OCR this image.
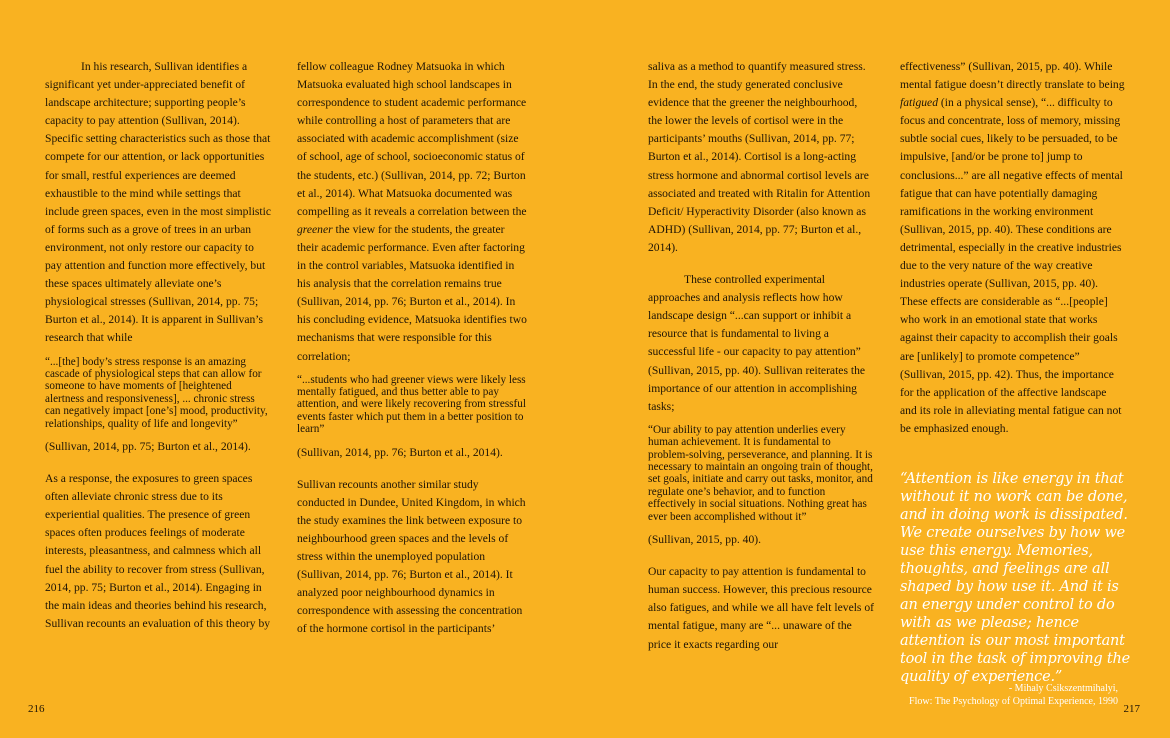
In his research, Sullivan identifies a significant yet under-appreciated benefit of landscape architecture; supporting people’s capacity to pay attention (Sullivan, 2014). Specific setting characteristics such as those that compete for our attention, or lack opportunities for small, restful experiences are deemed exhaustible to the mind while settings that include green spaces, even in the most simplistic of forms such as a grove of trees in an urban environment, not only restore our capacity to pay attention and function more effectively, but these spaces ultimately alleviate one’s physiological stresses (Sullivan, 2014, pp. 75; Burton et al., 2014). It is apparent in Sullivan’s research that while

“...[the] body’s stress response is an amazing cascade of physiological steps that can allow for someone to have moments of [heightened alertness and responsiveness], ... chronic stress can negatively impact [one’s] mood, productivity, relationships, quality of life and longevity”

(Sullivan, 2014, pp. 75; Burton et al., 2014).

As a response, the exposures to green spaces often alleviate chronic stress due to its experiential qualities. The presence of green spaces often produces feelings of moderate interests, pleasantness, and calmness which all fuel the ability to recover from stress (Sullivan, 2014, pp. 75; Burton et al., 2014). Engaging in the main ideas and theories behind his research, Sullivan recounts an evaluation of this theory by

fellow colleague Rodney Matsuoka in which Matsuoka evaluated high school landscapes in correspondence to student academic performance while controlling a host of parameters that are associated with academic accomplishment (size of school, age of school, socioeconomic status of the students, etc.) (Sullivan, 2014, pp. 72; Burton et al., 2014). What Matsuoka documented was compelling as it reveals a correlation between the greener the view for the students, the greater their academic performance. Even after factoring in the control variables, Matsuoka identified in his analysis that the correlation remains true (Sullivan, 2014, pp. 76; Burton et al., 2014). In his concluding evidence, Matsuoka identifies two mechanisms that were responsible for this correlation;

“...students who had greener views were likely less mentally fatigued, and thus better able to pay attention, and were likely recovering from stressful events faster which put them in a better position to learn”

(Sullivan, 2014, pp. 76; Burton et al., 2014).

Sullivan recounts another similar study conducted in Dundee, United Kingdom, in which the study examines the link between exposure to neighbourhood green spaces and the levels of stress within the unemployed population (Sullivan, 2014, pp. 76; Burton et al., 2014). It analyzed poor neighbourhood dynamics in correspondence with assessing the concentration of the hormone cortisol in the participants’

saliva as a method to quantify measured stress. In the end, the study generated conclusive evidence that the greener the neighbourhood, the lower the levels of cortisol were in the participants’ mouths (Sullivan, 2014, pp. 77; Burton et al., 2014). Cortisol is a long-acting stress hormone and abnormal cortisol levels are associated and treated with Ritalin for Attention Deficit/ Hyperactivity Disorder (also known as ADHD) (Sullivan, 2014, pp. 77; Burton et al., 2014).

These controlled experimental approaches and analysis reflects how how landscape design “...can support or inhibit a resource that is fundamental to living a successful life - our capacity to pay attention” (Sullivan, 2015, pp. 40). Sullivan reiterates the importance of our attention in accomplishing tasks;

“Our ability to pay attention underlies every human achievement. It is fundamental to problem-solving, perseverance, and planning. It is necessary to maintain an ongoing train of thought, set goals, initiate and carry out tasks, monitor, and regulate one’s behavior, and to function effectively in social situations. Nothing great has ever been accomplished without it”

(Sullivan, 2015, pp. 40).

Our capacity to pay attention is fundamental to human success. However, this precious resource also fatigues, and while we all have felt levels of mental fatigue, many are “... unaware of the price it exacts regarding our

effectiveness” (Sullivan, 2015, pp. 40). While mental fatigue doesn’t directly translate to being fatigued (in a physical sense), “... difficulty to focus and concentrate, loss of memory, missing subtle social cues, likely to be persuaded, to be impulsive, [and/or be prone to] jump to conclusions...” are all negative effects of mental fatigue that can have potentially damaging ramifications in the working environment (Sullivan, 2015, pp. 40). These conditions are detrimental, especially in the creative industries due to the very nature of the way creative industries operate (Sullivan, 2015, pp. 40). These effects are considerable as “...[people] who work in an emotional state that works against their capacity to accomplish their goals are [unlikely] to promote competence” (Sullivan, 2015, pp. 42). Thus, the importance for the application of the affective landscape and its role in alleviating mental fatigue can not be emphasized enough.

“Attention is like energy in that without it no work can be done, and in doing work is dissipated. We create ourselves by how we use this energy. Memories, thoughts, and feelings are all shaped by how use it. And it is an energy under control to do with as we please; hence attention is our most important tool in the task of improving the quality of experience.”
- Mihaly Csikszentmihalyi,
Flow: The Psychology of Optimal Experience, 1990
216	217
